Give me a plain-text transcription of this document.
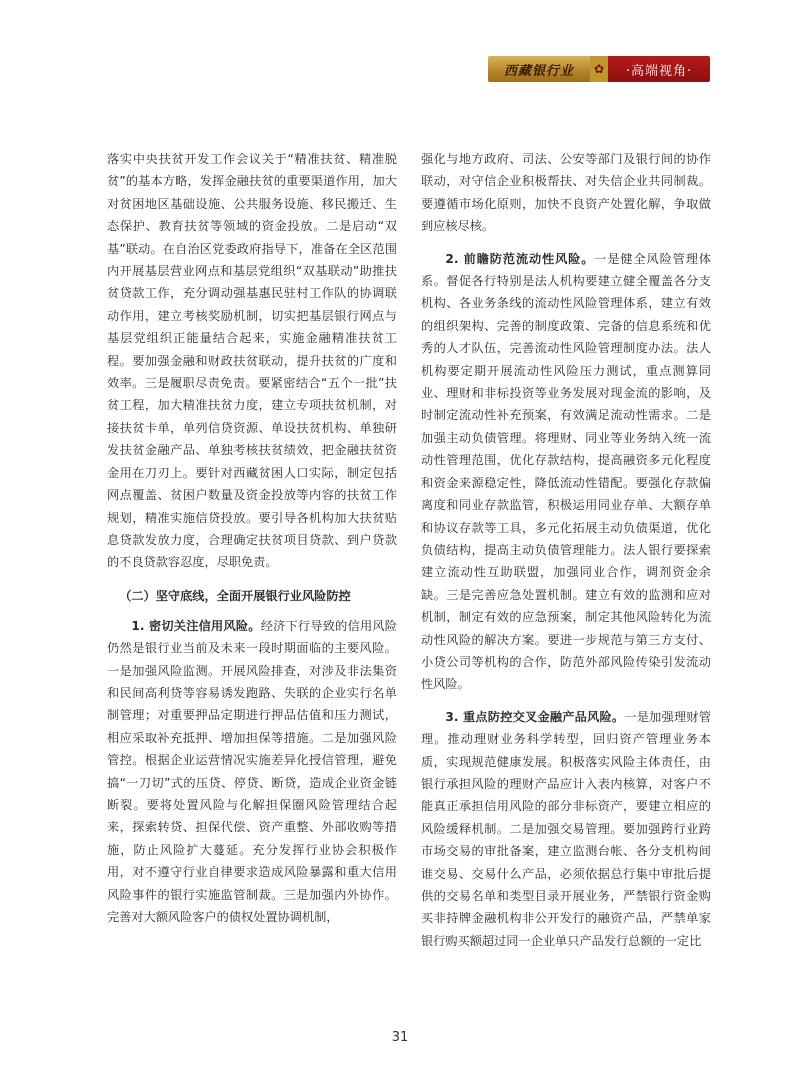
西藏银行业	✿	·高端视角·

落实中央扶贫开发工作会议关于“精准扶贫、精准脱贫”的基本方略，发挥金融扶贫的重要渠道作用，加大对贫困地区基础设施、公共服务设施、移民搬迁、生态保护、教育扶贫等领域的资金投放。二是启动“双基”联动。在自治区党委政府指导下，准备在全区范围内开展基层营业网点和基层党组织“双基联动”助推扶贫贷款工作，充分调动强基惠民驻村工作队的协调联动作用，建立考核奖励机制，切实把基层银行网点与基层党组织正能量结合起来，实施金融精准扶贫工程。要加强金融和财政扶贫联动，提升扶贫的广度和效率。三是履职尽责免责。要紧密结合“五个一批”扶贫工程，加大精准扶贫力度，建立专项扶贫机制，对接扶贫卡单，单列信贷资源、单设扶贫机构、单独研发扶贫金融产品、单独考核扶贫绩效，把金融扶贫资金用在刀刃上。要针对西藏贫困人口实际，制定包括网点覆盖、贫困户数量及资金投放等内容的扶贫工作规划，精准实施信贷投放。要引导各机构加大扶贫贴息贷款发放力度，合理确定扶贫项目贷款、到户贷款的不良贷款容忍度，尽职免责。

（二）坚守底线，全面开展银行业风险防控

1. 密切关注信用风险。经济下行导致的信用风险仍然是银行业当前及未来一段时期面临的主要风险。一是加强风险监测。开展风险排查，对涉及非法集资和民间高利贷等容易诱发跑路、失联的企业实行名单制管理；对重要押品定期进行押品估值和压力测试，相应采取补充抵押、增加担保等措施。二是加强风险管控。根据企业运营情况实施差异化授信管理，避免搞“一刀切”式的压贷、停贷、断贷，造成企业资金链断裂。要将处置风险与化解担保圈风险管理结合起来，探索转贷、担保代偿、资产重整、外部收购等措施，防止风险扩大蔓延。充分发挥行业协会积极作用，对不遵守行业自律要求造成风险暴露和重大信用风险事件的银行实施监管制裁。三是加强内外协作。完善对大额风险客户的债权处置协调机制，

强化与地方政府、司法、公安等部门及银行间的协作联动，对守信企业积极帮扶、对失信企业共同制裁。要遵循市场化原则，加快不良资产处置化解，争取做到应核尽核。

2. 前瞻防范流动性风险。一是健全风险管理体系。督促各行特别是法人机构要建立健全覆盖各分支机构、各业务条线的流动性风险管理体系，建立有效的组织架构、完善的制度政策、完备的信息系统和优秀的人才队伍，完善流动性风险管理制度办法。法人机构要定期开展流动性风险压力测试，重点测算同业、理财和非标投资等业务发展对现金流的影响，及时制定流动性补充预案，有效满足流动性需求。二是加强主动负债管理。将理财、同业等业务纳入统一流动性管理范围，优化存款结构，提高融资多元化程度和资金来源稳定性，降低流动性错配。要强化存款偏离度和同业存款监管，积极运用同业存单、大额存单和协议存款等工具，多元化拓展主动负债渠道，优化负债结构，提高主动负债管理能力。法人银行要探索建立流动性互助联盟，加强同业合作，调剂资金余缺。三是完善应急处置机制。建立有效的监测和应对机制，制定有效的应急预案，制定其他风险转化为流动性风险的解决方案。要进一步规范与第三方支付、小贷公司等机构的合作，防范外部风险传染引发流动性风险。

3. 重点防控交叉金融产品风险。一是加强理财管理。推动理财业务科学转型，回归资产管理业务本质，实现规范健康发展。积极落实风险主体责任，由银行承担风险的理财产品应计入表内核算，对客户不能真正承担信用风险的部分非标资产，要建立相应的风险缓释机制。二是加强交易管理。要加强跨行业跨市场交易的审批备案，建立监测台帐、各分支机构间谁交易、交易什么产品，必须依据总行集中审批后提供的交易名单和类型目录开展业务，严禁银行资金购买非持牌金融机构非公开发行的融资产品，严禁单家银行购买额超过同一企业单只产品发行总额的一定比

31
